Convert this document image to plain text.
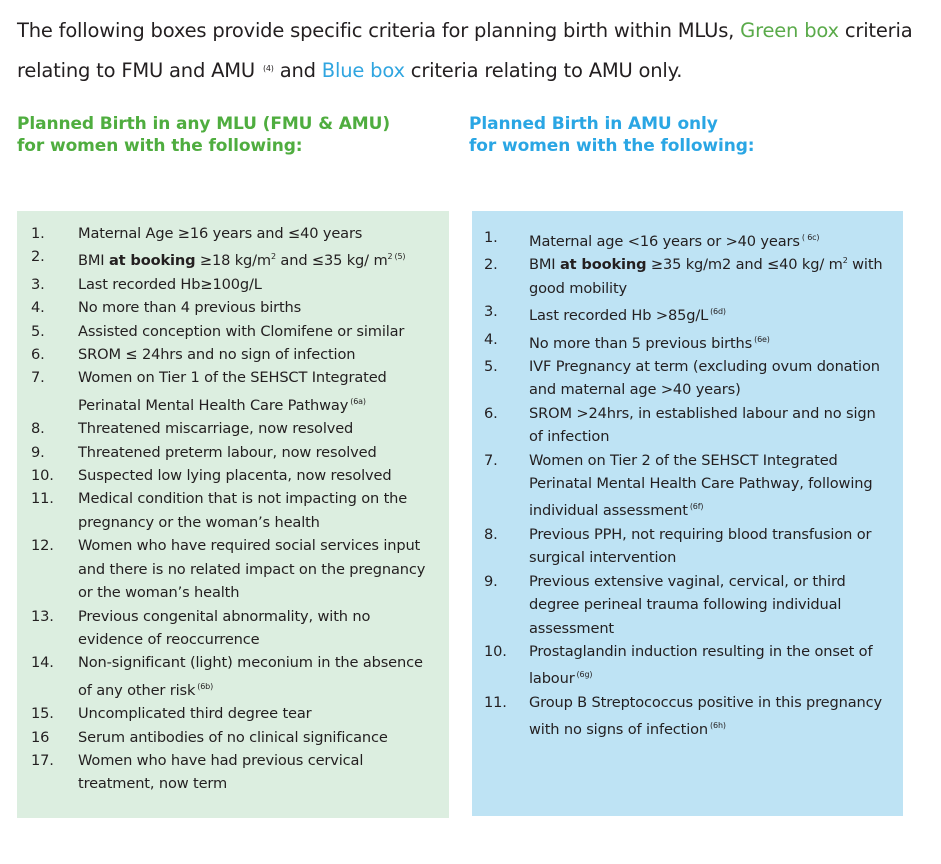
The following boxes provide specific criteria for planning birth within MLUs, Green box criteria relating to FMU and AMU $^{(4)}$ and Blue box criteria relating to AMU only.
Planned Birth in any MLU (FMU & AMU)
for women with the following:
Planned Birth in AMU only
for women with the following:
1. Maternal Age ≥16 years and ≤40 years
2. BMI at booking ≥18 $kg/m^2$ and ≤35 kg/ $m^2$ $^{(5)}$
3. Last recorded Hb≥100g/L
4. No more than 4 previous births
5. Assisted conception with Clomifene or similar
6. SROM ≤ 24hrs and no sign of infection
7. Women on Tier 1 of the SEHSCT Integrated Perinatal Mental Health Care Pathway $^{(6a)}$
8. Threatened miscarriage, now resolved
9. Threatened preterm labour, now resolved
10. Suspected low lying placenta, now resolved
11. Medical condition that is not impacting on the pregnancy or the woman’s health
12. Women who have required social services input and there is no related impact on the pregnancy or the woman’s health
13. Previous congenital abnormality, with no evidence of reoccurrence
14. Non-significant (light) meconium in the absence of any other risk $^{(6b)}$
15. Uncomplicated third degree tear
16 Serum antibodies of no clinical significance
17. Women who have had previous cervical treatment, now term
1. Maternal age <16 years or >40 years $^{( 6c)}$
2. BMI at booking ≥35 kg/m2 and ≤40 kg/ $m^2$ with good mobility
3. Last recorded Hb >85g/L $^{(6d)}$
4. No more than 5 previous births $^{(6e)}$
5. IVF Pregnancy at term (excluding ovum donation and maternal age >40 years)
6. SROM >24hrs, in established labour and no sign of infection
7. Women on Tier 2 of the SEHSCT Integrated Perinatal Mental Health Care Pathway, following individual assessment $^{(6f)}$
8. Previous PPH, not requiring blood transfusion or surgical intervention
9. Previous extensive vaginal, cervical, or third degree perineal trauma following individual assessment
10. Prostaglandin induction resulting in the onset of labour $^{(6g)}$
11. Group B Streptococcus positive in this pregnancy with no signs of infection $^{(6h)}$
